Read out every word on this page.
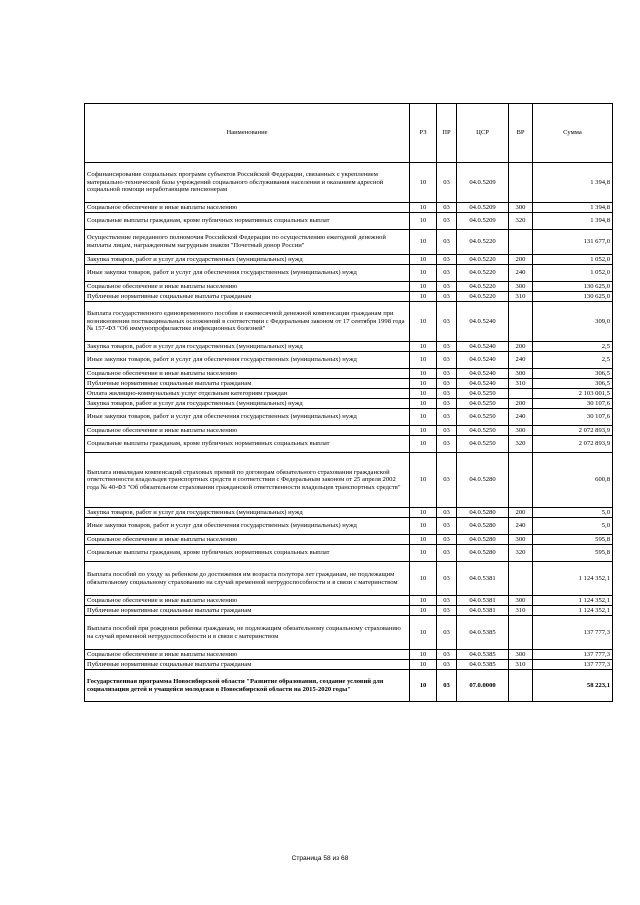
Наименование	РЗ	ПР	ЦСР	ВР	Сумма
Софинансирование социальных программ субъектов Российской Федерации, связанных с укреплением материально-технической базы учреждений социального обслуживания населения и оказанием адресной социальной помощи неработающим пенсионерам	10	03	04.0.5209		1 394,8
Социальное обеспечение и иные выплаты населению	10	03	04.0.5209	300	1 394,8
Социальные выплаты гражданам, кроме публичных нормативных социальных выплат	10	03	04.0.5209	320	1 394,8
Осуществление переданного полномочия Российской Федерации по осуществлению ежегодной денежной выплаты лицам, награжденным нагрудным знаком "Почетный донор России"	10	03	04.0.5220		131 677,0
Закупка товаров, работ и услуг для государственных (муниципальных) нужд	10	03	04.0.5220	200	1 052,0
Иные закупки товаров, работ и услуг для обеспечения государственных (муниципальных) нужд	10	03	04.0.5220	240	1 052,0
Социальное обеспечение и иные выплаты населению	10	03	04.0.5220	300	130 625,0
Публичные нормативные социальные выплаты гражданам	10	03	04.0.5220	310	130 625,0
Выплата государственного единовременного пособия и ежемесячной денежной компенсации гражданам при возникновении поствакцинальных осложнений в соответствии с Федеральным законом от 17 сентября 1998 года № 157-ФЗ "Об иммунопрофилактике инфекционных болезней"	10	03	04.0.5240		309,0
Закупка товаров, работ и услуг для государственных (муниципальных) нужд	10	03	04.0.5240	200	2,5
Иные закупки товаров, работ и услуг для обеспечения государственных (муниципальных) нужд	10	03	04.0.5240	240	2,5
Социальное обеспечение и иные выплаты населению	10	03	04.0.5240	300	306,5
Публичные нормативные социальные выплаты гражданам	10	03	04.0.5240	310	306,5
Оплата жилищно-коммунальных услуг отдельным категориям граждан	10	03	04.0.5250		2 103 001,5
Закупка товаров, работ и услуг для государственных (муниципальных) нужд	10	03	04.0.5250	200	30 107,6
Иные закупки товаров, работ и услуг для обеспечения государственных (муниципальных) нужд	10	03	04.0.5250	240	30 107,6
Социальное обеспечение и иные выплаты населению	10	03	04.0.5250	300	2 072 893,9
Социальные выплаты гражданам, кроме публичных нормативных социальных выплат	10	03	04.0.5250	320	2 072 893,9
Выплата инвалидам компенсаций страховых премий по договорам обязательного страхования гражданской ответственности владельцев транспортных средств в соответствии с Федеральным законом от 25 апреля 2002 года № 40-ФЗ "Об обязательном страховании гражданской ответственности владельцев транспортных средств"	10	03	04.0.5280		600,8
Закупка товаров, работ и услуг для государственных (муниципальных) нужд	10	03	04.0.5280	200	5,0
Иные закупки товаров, работ и услуг для обеспечения государственных (муниципальных) нужд	10	03	04.0.5280	240	5,0
Социальное обеспечение и иные выплаты населению	10	03	04.0.5280	300	595,8
Социальные выплаты гражданам, кроме публичных нормативных социальных выплат	10	03	04.0.5280	320	595,8
Выплата пособий по уходу за ребенком до достижения им возраста полутора лет гражданам, не подлежащим обязательному социальному страхованию на случай временной нетрудоспособности и в связи с материнством	10	03	04.0.5381		1 124 352,1
Социальное обеспечение и иные выплаты населению	10	03	04.0.5381	300	1 124 352,1
Публичные нормативные социальные выплаты гражданам	10	03	04.0.5381	310	1 124 352,1
Выплата пособий при рождении ребенка гражданам, не подлежащим обязательному социальному страхованию на случай временной нетрудоспособности и в связи с материнством	10	03	04.0.5385		137 777,3
Социальное обеспечение и иные выплаты населению	10	03	04.0.5385	300	137 777,3
Публичные нормативные социальные выплаты гражданам	10	03	04.0.5385	310	137 777,3
Государственная программа Новосибирской области "Развитие образования, создание условий для социализации детей и учащейся молодежи в Новосибирской области на 2015-2020 годы"	10	03	07.0.0000		58 223,1
Страница 58 из 68
